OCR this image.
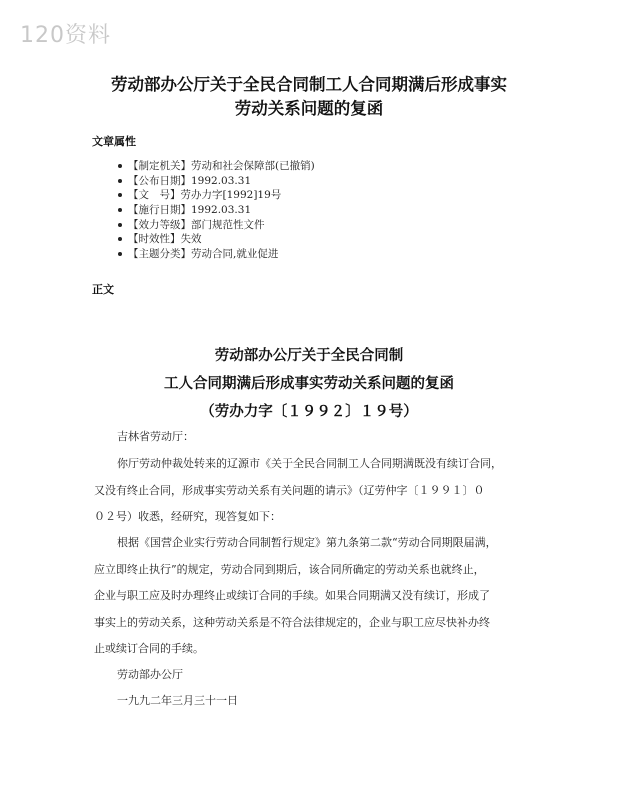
120资料
劳动部办公厅关于全民合同制工人合同期满后形成事实
劳动关系问题的复函
文章属性
【制定机关】劳动和社会保障部(已撤销)
【公布日期】1992.03.31
【文　号】劳办力字[1992]19号
【施行日期】1992.03.31
【效力等级】部门规范性文件
【时效性】失效
【主题分类】劳动合同,就业促进
正文
劳动部办公厅关于全民合同制
工人合同期满后形成事实劳动关系问题的复函
（劳办力字〔１９９２〕１９号）
吉林省劳动厅：
你厅劳动仲裁处转来的辽源市《关于全民合同制工人合同期满既没有续订合同，
又没有终止合同，形成事实劳动关系有关问题的请示》（辽劳仲字〔１９９１〕０
０２号）收悉，经研究，现答复如下：
根据《国营企业实行劳动合同制暂行规定》第九条第二款“劳动合同期限届满，
应立即终止执行”的规定，劳动合同到期后，该合同所确定的劳动关系也就终止，
企业与职工应及时办理终止或续订合同的手续。如果合同期满又没有续订，形成了
事实上的劳动关系，这种劳动关系是不符合法律规定的，企业与职工应尽快补办终
止或续订合同的手续。
劳动部办公厅
一九九二年三月三十一日
